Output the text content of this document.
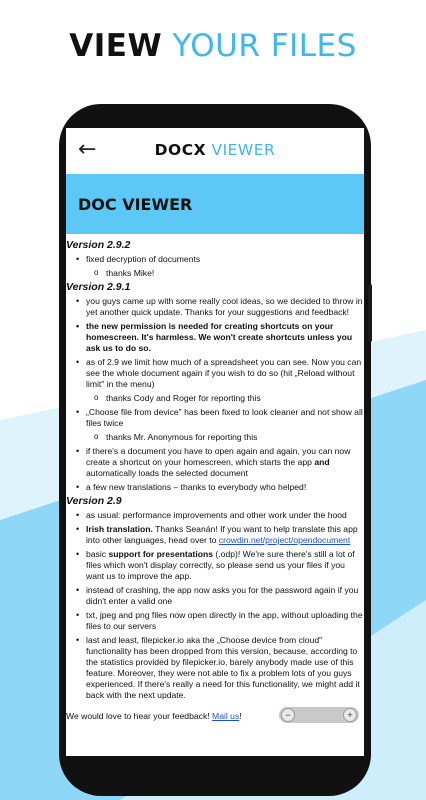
VIEW YOUR FILES
←	DOCX VIEWER
DOC VIEWER
Version 2.9.2
• fixed decryption of documents
o thanks Mike!
Version 2.9.1
• you guys came up with some really cool ideas, so we decided to throw in yet another quick update. Thanks for your suggestions and feedback!
• the new permission is needed for creating shortcuts on your homescreen. It's harmless. We won't create shortcuts unless you ask us to do so.
• as of 2.9 we limit how much of a spreadsheet you can see. Now you can see the whole document again if you wish to do so (hit „Reload without limit" in the menu)
o thanks Cody and Roger for reporting this
• „Choose file from device" has been fixed to look cleaner and not show all files twice
o thanks Mr. Anonymous for reporting this
• if there's a document you have to open again and again, you can now create a shortcut on your homescreen, which starts the app and automatically loads the selected document
• a few new translations – thanks to everybody who helped!
Version 2.9
• as usual: performance improvements and other work under the hood
• Irish translation. Thanks Seanán! If you want to help translate this app into other languages, head over to crowdin.net/project/opendocument
• basic support for presentations (.odp)! We're sure there's still a lot of files which won't display correctly, so please send us your files if you want us to improve the app.
• instead of crashing, the app now asks you for the password again if you didn't enter a valid one
• txt, jpeg and png files now open directly in the app, without uploading the files to our servers
• last and least, filepicker.io aka the „Choose device from cloud" functionality has been dropped from this version, because, according to the statistics provided by filepicker.io, barely anybody made use of this feature. Moreover, they were not able to fix a problem lots of you guys experienced. If there's really a need for this functionality, we might add it back with the next update.
We would love to hear your feedback! Mail us!	−	+
